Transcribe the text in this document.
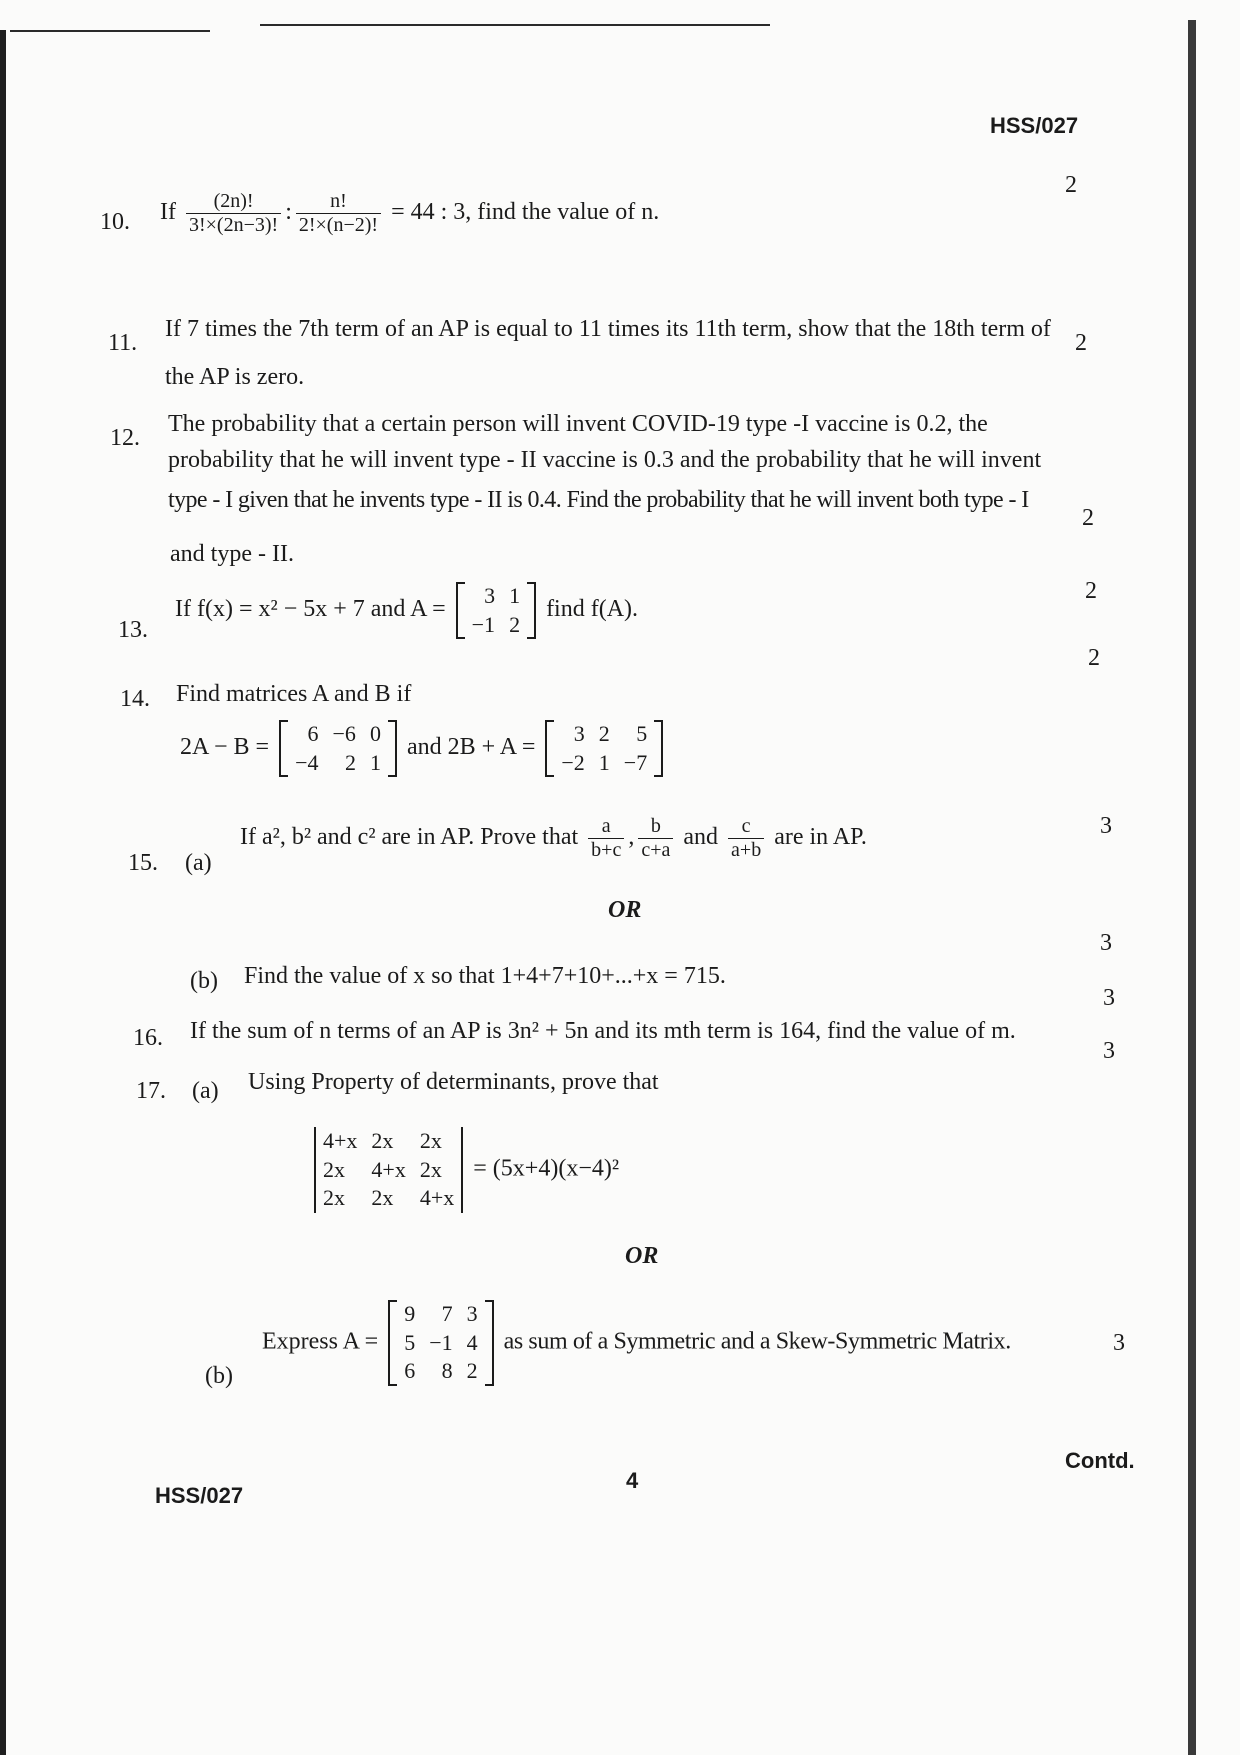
HSS/027
10. If $\frac{(2n)!}{3!\times(2n-3)!}$ : $\frac{n!}{2!\times(n-2)!} = 44$ : 3, find the value of n.
2
11.
If 7 times the 7th term of an AP is equal to 11 times its 11th term, show that the 18th term of
the AP is zero.
2
12.
The probability that a certain person will invent COVID-19 type -I vaccine is 0.2, the
probability that he will invent type - II vaccine is 0.3 and the probability that he will invent
type - I given that he invents type - II is 0.4. Find the probability that he will invent both type - I
and type - II.
2
13.
If f(x) = x² − 5x + 7 and A =
3	1
−1	2
find f(A).
2
14. Find matrices A and B if
2
2A − B =
6	−6	0
−4	2	1
and 2B + A =
3	2	5
−2	1	−7
15. (a)
If a², b² and c² are in AP. Prove that $\frac{a}{b+c}$ , $\frac{b}{c+a}$ and $\frac{c}{a+b}$ are in AP.	3
OR
(b) Find the value of x so that 1+4+7+10+...+x = 715.
3
16. If the sum of n terms of an AP is 3n² + 5n and its mth term is 164, find the value of m.
3
17. (a) Using Property of determinants, prove that
3
4+x	2x	2x
2x	4+x	2x
2x	2x	4+x
= (5x+4)(x−4)²
OR
(b)
Express A =
9	7	3
5	−1	4
6	8	2
as sum of a Symmetric and a Skew-Symmetric Matrix.	3
Contd.
4
HSS/027
